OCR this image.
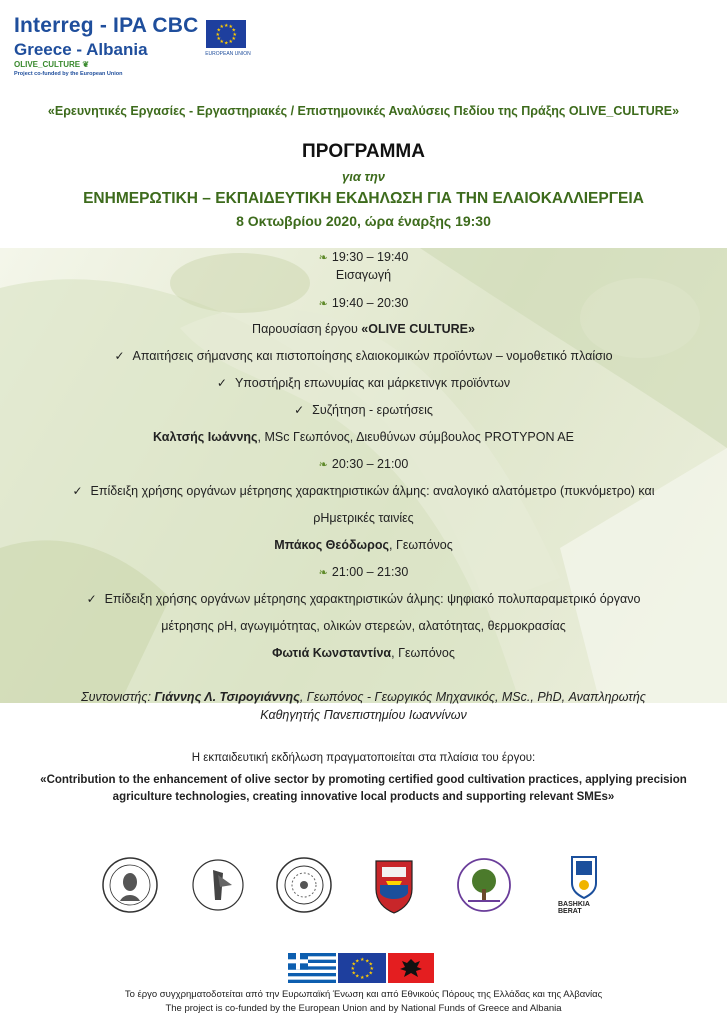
Interreg - IPA CBC
Greece - Albania
OLIVE_CULTURE ❦
Project co-funded by the European Union
★ ★
★
★
★
★
★
★
★
★
★
★
EUROPEAN UNION
«Ερευνητικές Εργασίες - Εργαστηριακές / Επιστημονικές Αναλύσεις Πεδίου της Πράξης OLIVE_CULTURE»
ΠΡΟΓΡΑΜΜΑ
για την
ΕΝΗΜΕΡΩΤΙΚΗ – ΕΚΠΑΙΔΕΥΤΙΚΗ ΕΚΔΗΛΩΣΗ ΓΙΑ ΤΗΝ ΕΛΑΙΟΚΑΛΛΙΕΡΓΕΙΑ
8 Οκτωβρίου 2020, ώρα έναρξης 19:30
❧ 19:30 – 19:40
Εισαγωγή
❧ 19:40 – 20:30
Παρουσίαση έργου «OLIVE CULTURE»
✓ Απαιτήσεις σήμανσης και πιστοποίησης ελαιοκομικών προϊόντων – νομοθετικό πλαίσιο
✓ Υποστήριξη επωνυμίας και μάρκετινγκ προϊόντων
✓ Συζήτηση - ερωτήσεις
Καλτσής Ιωάννης, MSc Γεωπόνος, Διευθύνων σύμβουλος PROTYPON AE
❧ 20:30 – 21:00
✓ Επίδειξη χρήσης οργάνων μέτρησης χαρακτηριστικών άλμης: αναλογικό αλατόμετρο (πυκνόμετρο) και
ρΗμετρικές ταινίες
Μπάκος Θεόδωρος, Γεωπόνος
❧ 21:00 – 21:30
✓ Επίδειξη χρήσης οργάνων μέτρησης χαρακτηριστικών άλμης: ψηφιακό πολυπαραμετρικό όργανο
μέτρησης ρΗ, αγωγιμότητας, ολικών στερεών, αλατότητας, θερμοκρασίας
Φωτιά Κωνσταντίνα, Γεωπόνος
Συντονιστής: Γιάννης Λ. Τσιρογιάννης, Γεωπόνος - Γεωργικός Μηχανικός, MSc., PhD, Αναπληρωτής
Καθηγητής Πανεπιστημίου Ιωαννίνων
Η εκπαιδευτική εκδήλωση πραγματοποιείται στα πλαίσια του έργου:
«Contribution to the enhancement of olive sector by promoting certified good cultivation practices, applying precision agriculture technologies, creating innovative local products and supporting relevant SMEs»
BASHKIA BERAT
★ ★
★
★
★
★
★
★
★
★
★
★
Το έργο συγχρηματοδοτείται από την Ευρωπαϊκή Ένωση και από Εθνικούς Πόρους της Ελλάδας και της Αλβανίας
The project is co-funded by the European Union and by National Funds of Greece and Albania
